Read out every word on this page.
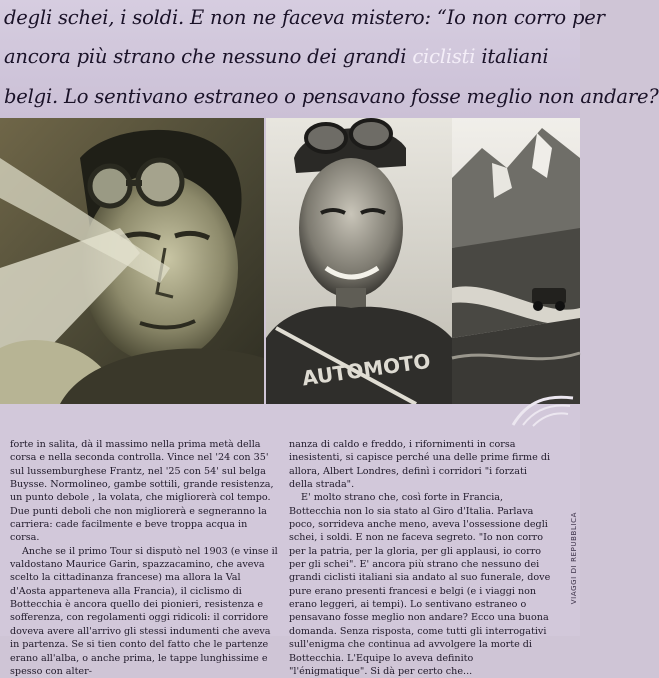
degli schei, i soldi. E non ne faceva mistero: “Io non corro per
ancora più strano che nessuno dei grandi ciclisti italiani
belgi. Lo sentivano estraneo o pensavano fosse meglio non andare?
AUTOMOTO

forte in salita, dà il massimo nella prima metà della corsa e nella seconda controlla. Vince nel '24 con 35' sul lussemburghese Frantz, nel '25 con 54' sul belga Buysse. Normolineo, gambe sottili, grande resistenza, un punto debole , la volata, che migliorerà col tempo. Due punti deboli che non migliorerà e segneranno la carriera: cade facilmente e beve troppa acqua in corsa.

Anche se il primo Tour si disputò nel 1903 (e vinse il valdostano Maurice Garin, spazzacamino, che aveva scelto la cittadinanza francese) ma allora la Val d'Aosta apparteneva alla Francia), il ciclismo di Bottecchia è ancora quello dei pionieri, resistenza e sofferenza, con regolamenti oggi ridicoli: il corridore doveva avere all'arrivo gli stessi indumenti che aveva in partenza. Se si tien conto del fatto che le partenze erano all'alba, o anche prima, le tappe lunghissime e spesso con alter-

nanza di caldo e freddo, i rifornimenti in corsa inesistenti, si capisce perché una delle prime firme di allora, Albert Londres, definì i corridori "i forzati della strada".

E' molto strano che, così forte in Francia, Bottecchia non lo sia stato al Giro d'Italia. Parlava poco, sorrideva anche meno, aveva l'ossessione degli schei, i soldi. E non ne faceva segreto. "Io non corro per la patria, per la gloria, per gli applausi, io corro per gli schei". E' ancora più strano che nessuno dei grandi ciclisti italiani sia andato al suo funerale, dove pure erano presenti francesi e belgi (e i viaggi non erano leggeri, ai tempi). Lo sentivano estraneo o pensavano fosse meglio non andare? Ecco una buona domanda. Senza risposta, come tutti gli interrogativi sull'enigma che continua ad avvolgere la morte di Bottecchia. L'Equipe lo aveva definito "l'énigmatique". Si dà per certo che...

VIAGGI DI REPUBBLICA
